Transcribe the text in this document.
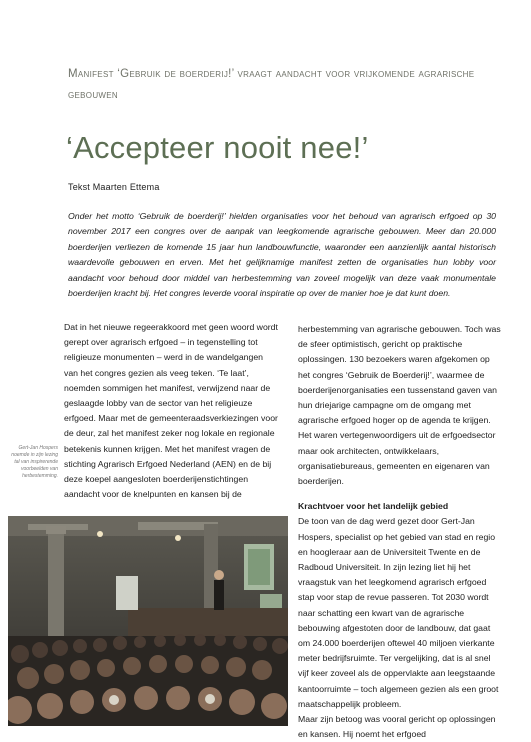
Manifest ‘Gebruik de boerderij!’ vraagt aandacht voor vrijkomende agrarische gebouwen
‘Accepteer nooit nee!’
Tekst Maarten Ettema

Onder het motto ‘Gebruik de boerderij!’ hielden organisaties voor het behoud van agrarisch erfgoed op 30 november 2017 een congres over de aanpak van leegkomende agrarische gebouwen. Meer dan 20.000 boerderijen verliezen de komende 15 jaar hun landbouwfunctie, waaronder een aanzienlijk aantal historisch waardevolle gebouwen en erven. Met het gelijknamige manifest zetten de organisaties hun lobby voor aandacht voor behoud door middel van herbestemming van zoveel mogelijk van deze vaak monumentale boerderijen kracht bij. Het congres leverde vooral inspiratie op over de manier hoe je dat kunt doen.

Dat in het nieuwe regeerakkoord met geen woord wordt gerept over agrarisch erfgoed – in tegenstelling tot religieuze monumenten – werd in de wandelgangen van het congres gezien als veeg teken. ‘Te laat’, noemden sommigen het manifest, verwijzend naar de geslaagde lobby van de sector van het religieuze erfgoed. Maar met de gemeenteraadsverkiezingen voor de deur, zal het manifest zeker nog lokale en regionale betekenis kunnen krijgen. Met het manifest vragen de stichting Agrarisch Erfgoed Nederland (AEN) en de bij deze koepel aangesloten boerderijenstichtingen aandacht voor de knelpunten en kansen bij de

herbestemming van agrarische gebouwen. Toch was de sfeer optimistisch, gericht op praktische oplossingen. 130 bezoekers waren afgekomen op het congres ‘Gebruik de Boerderij!’, waarmee de boerderijenorganisaties een tussenstand gaven van hun driejarige campagne om de omgang met agrarische erfgoed hoger op de agenda te krijgen. Het waren vertegenwoordigers uit de erfgoedsector maar ook architecten, ontwikkelaars, organisatiebureaus, gemeenten en eigenaren van boerderijen.

Krachtvoer voor het landelijk gebied

De toon van de dag werd gezet door Gert-Jan Hospers, specialist op het gebied van stad en regio en hoogleraar aan de Universiteit Twente en de Radboud Universiteit. In zijn lezing liet hij het vraagstuk van het leegkomend agrarisch erfgoed stap voor stap de revue passeren. Tot 2030 wordt naar schatting een kwart van de agrarische bebouwing afgestoten door de landbouw, dat gaat om 24.000 boerderijen oftewel 40 miljoen vierkante meter bedrijfsruimte. Ter vergelijking, dat is al snel vijf keer zoveel als de oppervlakte aan leegstaande kantoorruimte – toch algemeen gezien als een groot maatschappelijk probleem.

Maar zijn betoog was vooral gericht op oplossingen en kansen. Hij noemt het erfgoed

Gert-Jan Hospers noemde in zijn lezing tal van inspirerende voorbeelden van herbestemming.
